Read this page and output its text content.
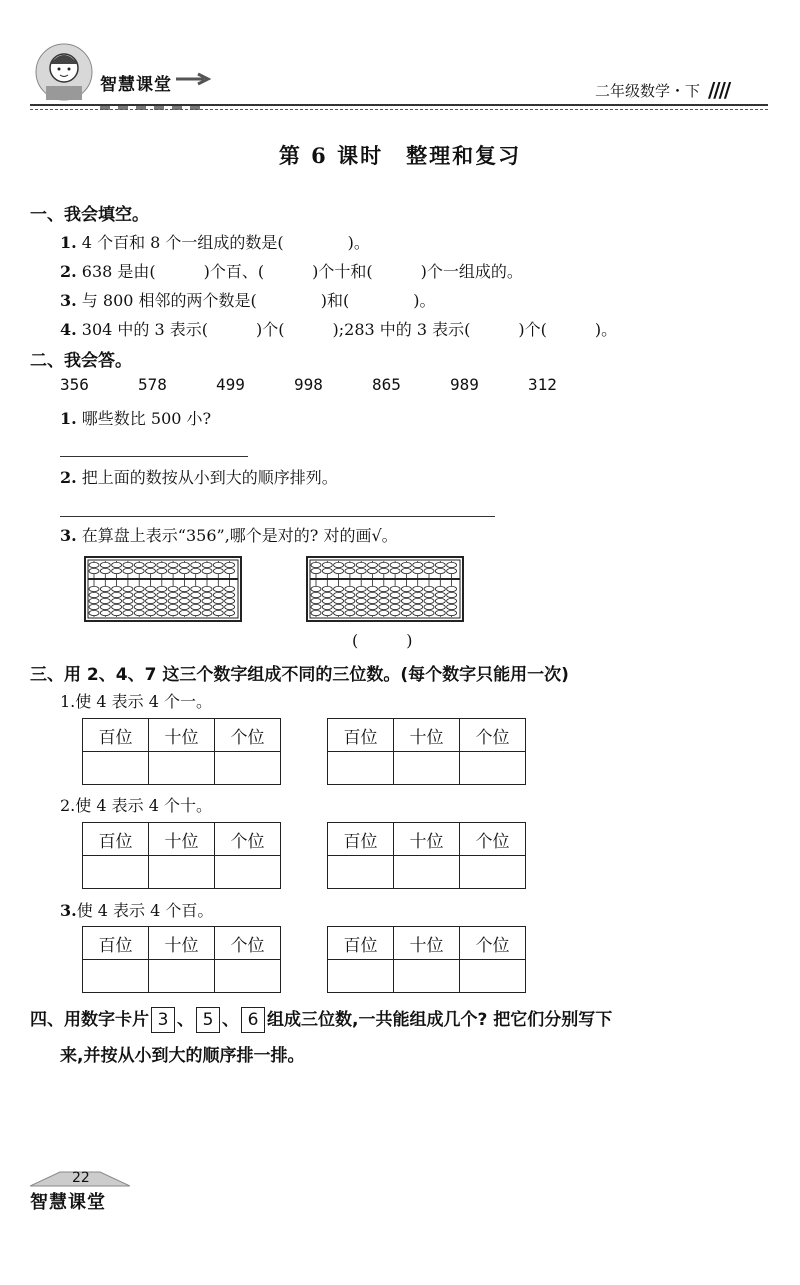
智慧课堂	二年级数学・下 ////
第 6 课时　整理和复习
一、我会填空。
1. 4 个百和 8 个一组成的数是(　　　　)。
2. 638 是由(　　　)个百、(　　　)个十和(　　　)个一组成的。
3. 与 800 相邻的两个数是(　　　　)和(　　　　)。
4. 304 中的 3 表示(　　　)个(　　　);283 中的 3 表示(　　　)个(　　　)。
二、我会答。
356	578	499	998	865	989	312
1. 哪些数比 500 小?
2. 把上面的数按从小到大的顺序排列。
3. 在算盘上表示“356”,哪个是对的? 对的画√。
(　　　)
三、用 2、4、7 这三个数字组成不同的三位数。(每个数字只能用一次)
1.使 4 表示 4 个一。
百位	十位	个位
			百位	十位	个位

2.使 4 表示 4 个十。
百位	十位	个位
			百位	十位	个位

3.使 4 表示 4 个百。
百位	十位	个位
			百位	十位	个位

四、用数字卡片 3 、 5 、 6 组成三位数,一共能组成几个? 把它们分别写下
来,并按从小到大的顺序排一排。
22
智慧课堂
